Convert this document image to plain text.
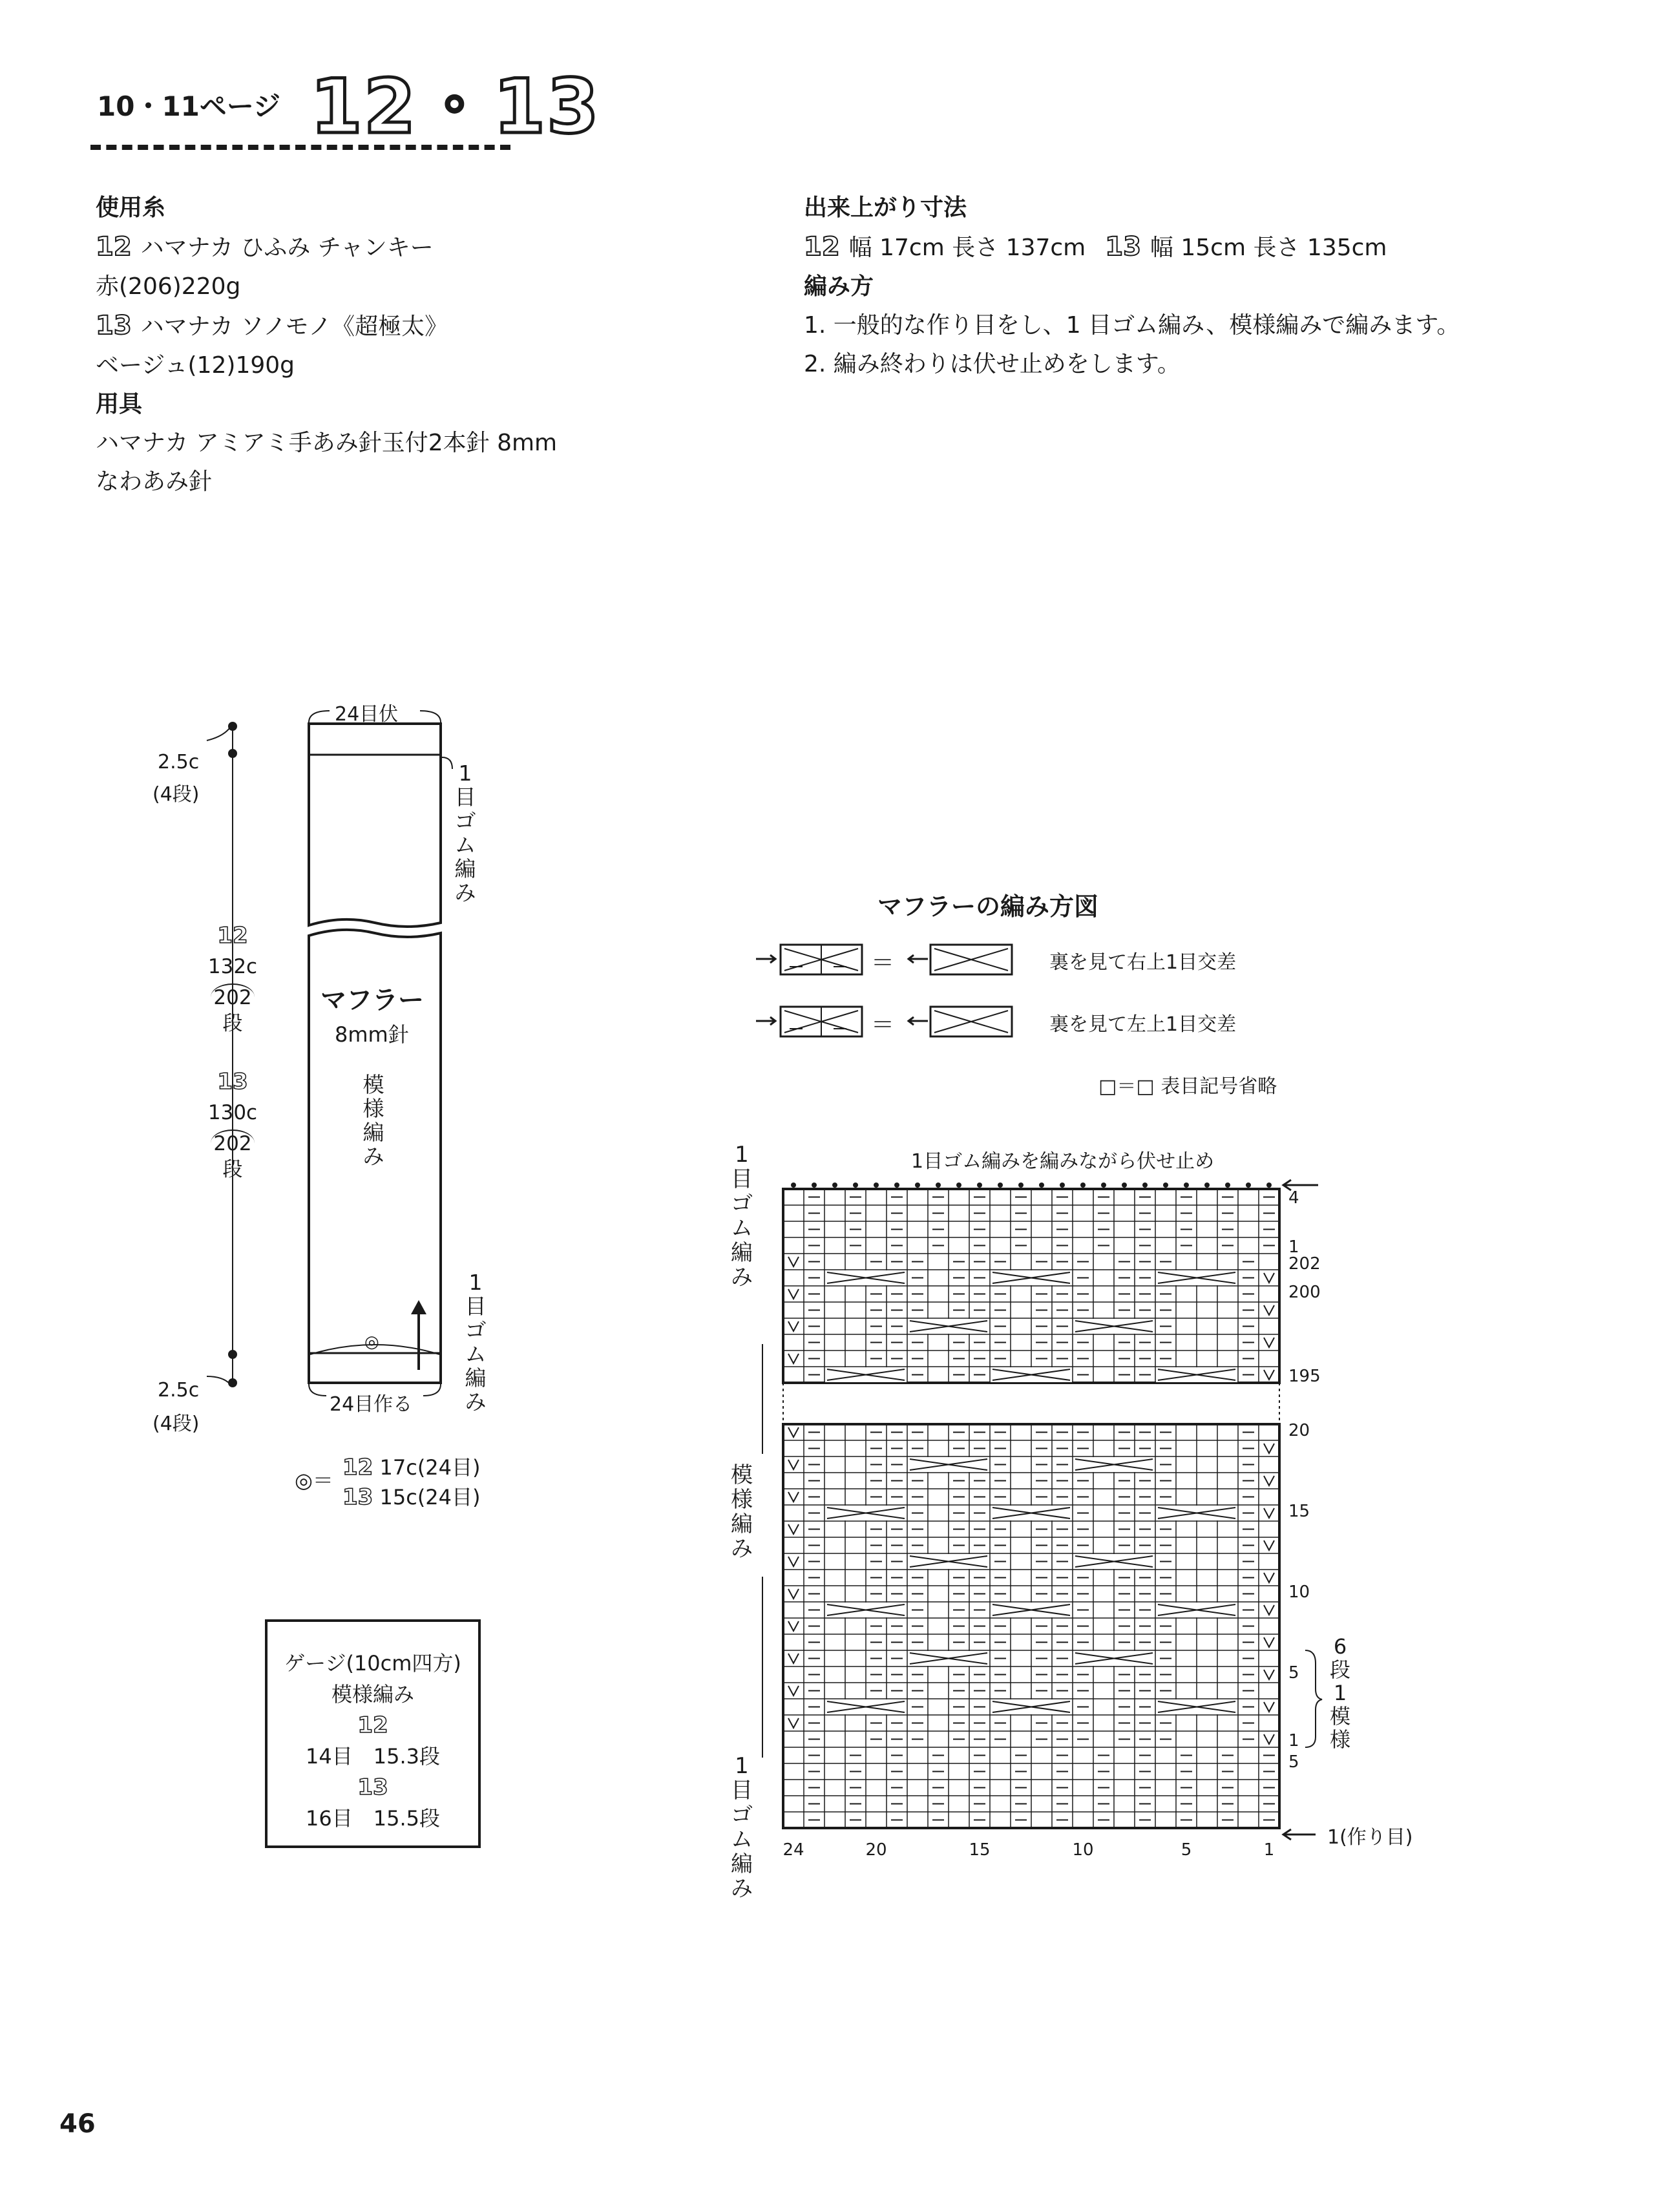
10・11ページ 12・13
使用糸
12 ハマナカ ひふみ チャンキー
赤(206)220g
13 ハマナカ ソノモノ《超極太》
ベージュ(12)190g
用具
ハマナカ アミアミ手あみ針玉付2本針 8mm
なわあみ針
出来上がり寸法
12 幅 17cm 長さ 137cm 13 幅 15cm 長さ 135cm
編み方
1. 一般的な作り目をし、1 目ゴム編み、模様編みで編みます。
2. 編み終わりは伏せ止めをします。
24目伏
24目作る
2.5c
(4段)
2.5c
(4段)
1
目
ゴ
ム
編
み
1
目
ゴ
ム
編
み
12
132c
202
段
13
130c
202
段
マフラー
8mm針
模
様
編
み
◎
◎＝ 12 17c(24目)
13 15c(24目)
ゲージ(10cm四方)
模様編み
12
14目　15.3段
13
16目　15.5段
マフラーの編み方図
＝
＝
裏を見て右上1目交差
裏を見て左上1目交差
□＝□ 表目記号省略
1目ゴム編みを編みながら伏せ止め
1(作り目)
4
1
202
200
195
20
15
10
5
1
5
24	20	15	10	5	1
1
目
ゴ
ム
編
み
模
様
編
み
1
目
ゴ
ム
編
み
6
段
1
模
様
46
